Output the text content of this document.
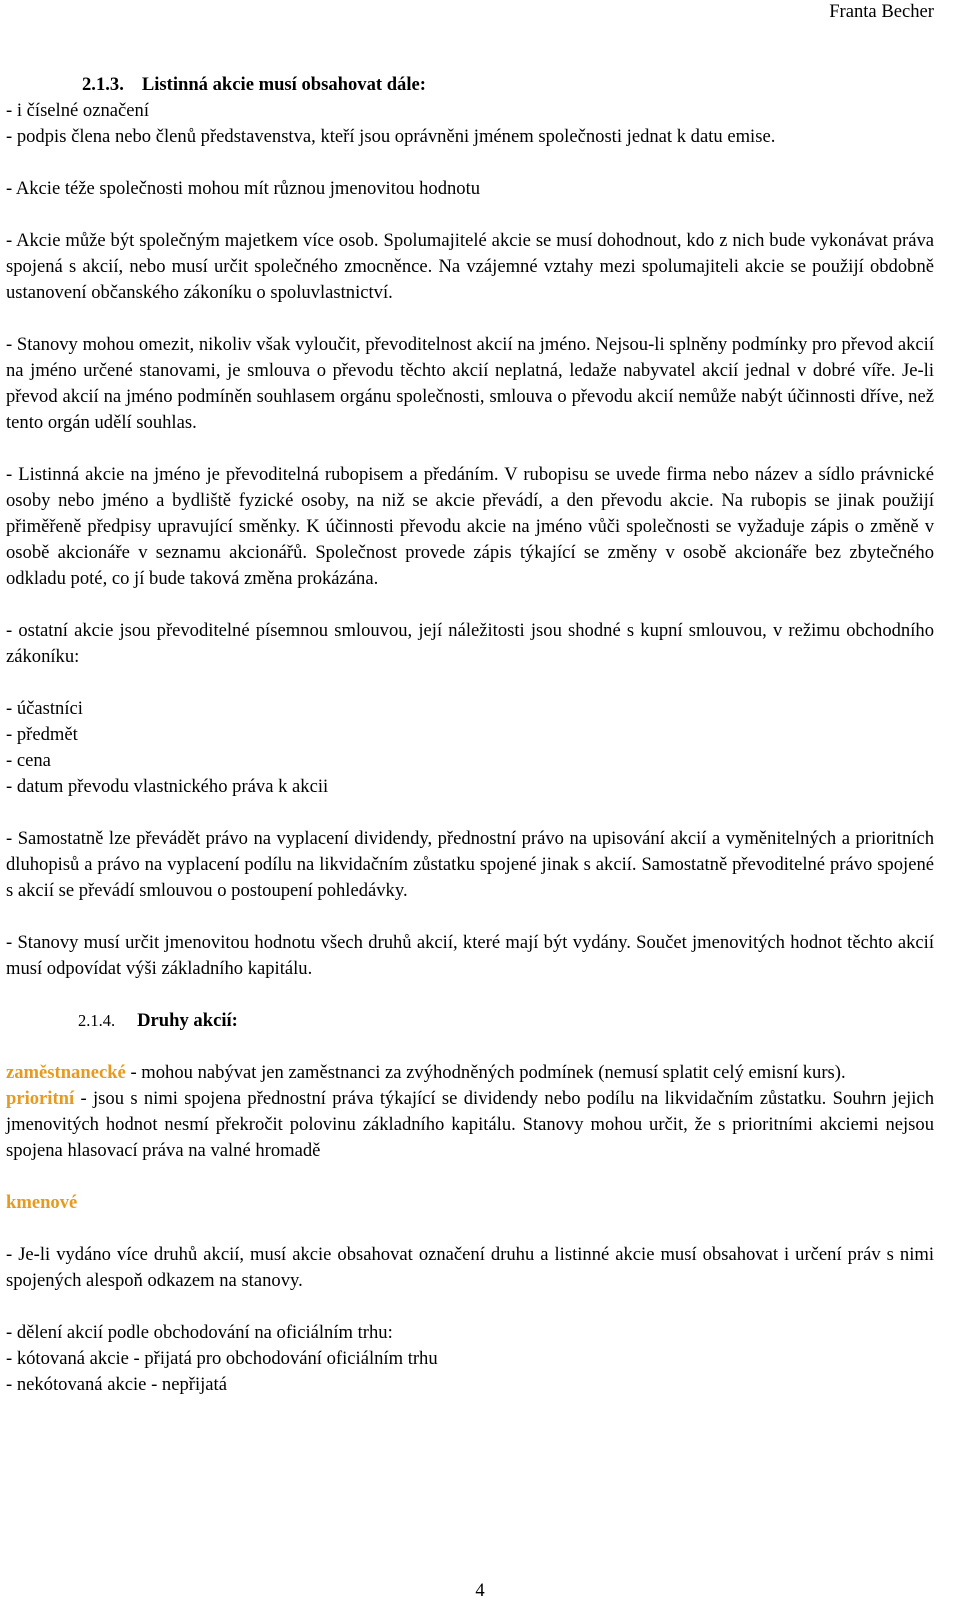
Franta Becher
2.1.3. Listinná akcie musí obsahovat dále:

- i číselné označení

- podpis člena nebo členů představenstva, kteří jsou oprávněni jménem společnosti jednat k datu emise.

- Akcie téže společnosti mohou mít různou jmenovitou hodnotu

- Akcie může být společným majetkem více osob. Spolumajitelé akcie se musí dohodnout, kdo z nich bude vykonávat práva spojená s akcií, nebo musí určit společného zmocněnce. Na vzájemné vztahy mezi spolumajiteli akcie se použijí obdobně ustanovení občanského zákoníku o spoluvlastnictví.

- Stanovy mohou omezit, nikoliv však vyloučit, převoditelnost akcií na jméno. Nejsou-li splněny podmínky pro převod akcií na jméno určené stanovami, je smlouva o převodu těchto akcií neplatná, ledaže nabyvatel akcií jednal v dobré víře. Je-li převod akcií na jméno podmíněn souhlasem orgánu společnosti, smlouva o převodu akcií nemůže nabýt účinnosti dříve, než tento orgán udělí souhlas.

- Listinná akcie na jméno je převoditelná rubopisem a předáním. V rubopisu se uvede firma nebo název a sídlo právnické osoby nebo jméno a bydliště fyzické osoby, na niž se akcie převádí, a den převodu akcie. Na rubopis se jinak použijí přiměřeně předpisy upravující směnky. K účinnosti převodu akcie na jméno vůči společnosti se vyžaduje zápis o změně v osobě akcionáře v seznamu akcionářů. Společnost provede zápis týkající se změny v osobě akcionáře bez zbytečného odkladu poté, co jí bude taková změna prokázána.

- ostatní akcie jsou převoditelné písemnou smlouvou, její náležitosti jsou shodné s kupní smlouvou, v režimu obchodního zákoníku:

- účastníci

- předmět

- cena

- datum převodu vlastnického práva k akcii

- Samostatně lze převádět právo na vyplacení dividendy, přednostní právo na upisování akcií a vyměnitelných a prioritních dluhopisů a právo na vyplacení podílu na likvidačním zůstatku spojené jinak s akcií. Samostatně převoditelné právo spojené s akcií se převádí smlouvou o postoupení pohledávky.

- Stanovy musí určit jmenovitou hodnotu všech druhů akcií, které mají být vydány. Součet jmenovitých hodnot těchto akcií musí odpovídat výši základního kapitálu.

2.1.4. Druhy akcií:

zaměstnanecké - mohou nabývat jen zaměstnanci za zvýhodněných podmínek (nemusí splatit celý emisní kurs).

prioritní - jsou s nimi spojena přednostní práva týkající se dividendy nebo podílu na likvidačním zůstatku. Souhrn jejich jmenovitých hodnot nesmí překročit polovinu základního kapitálu. Stanovy mohou určit, že s prioritními akciemi nejsou spojena hlasovací práva na valné hromadě

kmenové

- Je-li vydáno více druhů akcií, musí akcie obsahovat označení druhu a listinné akcie musí obsahovat i určení práv s nimi spojených alespoň odkazem na stanovy.

- dělení akcií podle obchodování na oficiálním trhu:

- kótovaná akcie - přijatá pro obchodování oficiálním trhu

- nekótovaná akcie - nepřijatá

4
